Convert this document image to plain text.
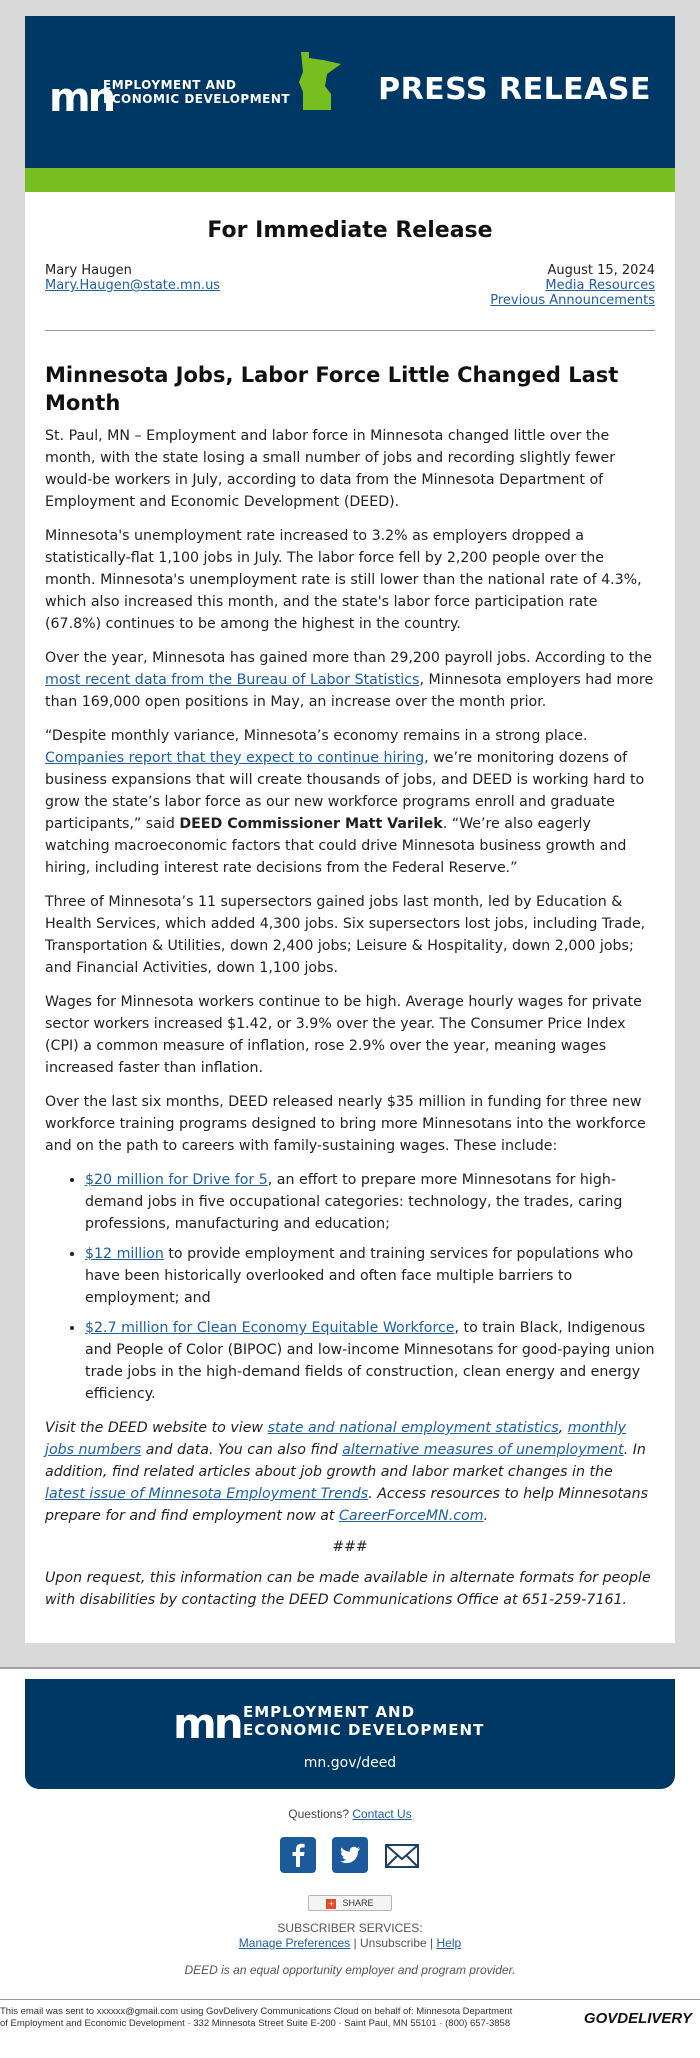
mn
EMPLOYMENT AND
ECONOMIC DEVELOPMENT	PRESS RELEASE
For Immediate Release
Mary Haugen
Mary.Haugen@state.mn.us
August 15, 2024
Media Resources
Previous Announcements
Minnesota Jobs, Labor Force Little Changed Last Month

St. Paul, MN – Employment and labor force in Minnesota changed little over the month, with the state losing a small number of jobs and recording slightly fewer would-be workers in July, according to data from the Minnesota Department of Employment and Economic Development (DEED).

Minnesota's unemployment rate increased to 3.2% as employers dropped a statistically-flat 1,100 jobs in July. The labor force fell by 2,200 people over the month. Minnesota's unemployment rate is still lower than the national rate of 4.3%, which also increased this month, and the state's labor force participation rate (67.8%) continues to be among the highest in the country.

Over the year, Minnesota has gained more than 29,200 payroll jobs. According to the most recent data from the Bureau of Labor Statistics, Minnesota employers had more than 169,000 open positions in May, an increase over the month prior.

“Despite monthly variance, Minnesota’s economy remains in a strong place. Companies report that they expect to continue hiring, we’re monitoring dozens of business expansions that will create thousands of jobs, and DEED is working hard to grow the state’s labor force as our new workforce programs enroll and graduate participants,” said DEED Commissioner Matt Varilek. “We’re also eagerly watching macroeconomic factors that could drive Minnesota business growth and hiring, including interest rate decisions from the Federal Reserve.”

Three of Minnesota’s 11 supersectors gained jobs last month, led by Education & Health Services, which added 4,300 jobs. Six supersectors lost jobs, including Trade, Transportation & Utilities, down 2,400 jobs; Leisure & Hospitality, down 2,000 jobs; and Financial Activities, down 1,100 jobs.

Wages for Minnesota workers continue to be high. Average hourly wages for private sector workers increased $1.42, or 3.9% over the year. The Consumer Price Index (CPI) a common measure of inflation, rose 2.9% over the year, meaning wages increased faster than inflation.

Over the last six months, DEED released nearly $35 million in funding for three new workforce training programs designed to bring more Minnesotans into the workforce and on the path to careers with family-sustaining wages. These include:

• $20 million for Drive for 5, an effort to prepare more Minnesotans for high-demand jobs in five occupational categories: technology, the trades, caring professions, manufacturing and education;
• $12 million to provide employment and training services for populations who have been historically overlooked and often face multiple barriers to employment; and
• $2.7 million for Clean Economy Equitable Workforce, to train Black, Indigenous and People of Color (BIPOC) and low-income Minnesotans for good-paying union trade jobs in the high-demand fields of construction, clean energy and energy efficiency.

Visit the DEED website to view state and national employment statistics, monthly jobs numbers and data. You can also find alternative measures of unemployment. In addition, find related articles about job growth and labor market changes in the latest issue of Minnesota Employment Trends. Access resources to help Minnesotans prepare for and find employment now at CareerForceMN.com.

###

Upon request, this information can be made available in alternate formats for people with disabilities by contacting the DEED Communications Office at 651-259-7161.

mn EMPLOYMENT AND
ECONOMIC DEVELOPMENT
mn.gov/deed
Questions? Contact Us
+ SHARE
SUBSCRIBER SERVICES:
Manage Preferences | Unsubscribe | Help
DEED is an equal opportunity employer and program provider.
This email was sent to xxxxxx@gmail.com using GovDelivery Communications Cloud on behalf of: Minnesota Department of Employment and Economic Development · 332 Minnesota Street Suite E-200 · Saint Paul, MN 55101 · (800) 657-3858	GOVDELIVERY
